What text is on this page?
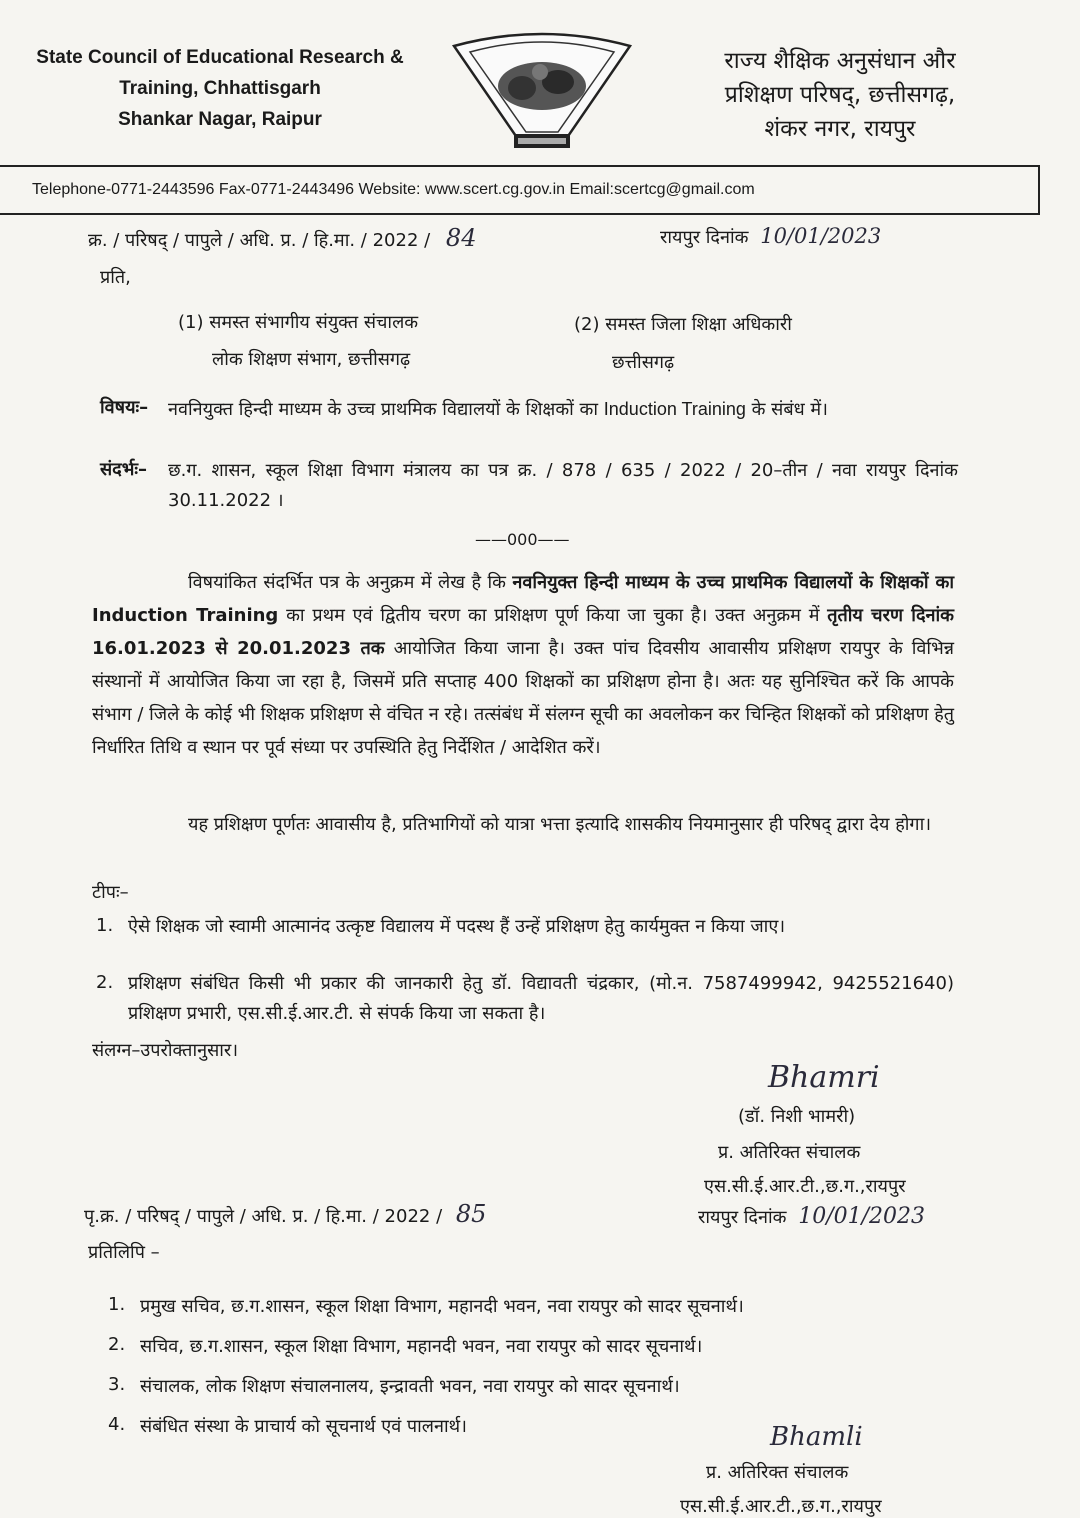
State Council of Educational Research &
Training, Chhattisgarh
Shankar Nagar, Raipur
राज्य शैक्षिक अनुसंधान और
प्रशिक्षण परिषद्, छत्तीसगढ़,
शंकर नगर, रायपुर
Telephone-0771-2443596 Fax-0771-2443496 Website: www.scert.cg.gov.in Email:scertcg@gmail.com
क्र. / परिषद् / पापुले / अधि. प्र. / हि.मा. / 2022 / 84	रायपुर दिनांक 10/01/2023
प्रति,
(1) समस्त संभागीय संयुक्त संचालक
लोक शिक्षण संभाग, छत्तीसगढ़
(2) समस्त जिला शिक्षा अधिकारी
छत्तीसगढ़
विषयः–	नवनियुक्त हिन्दी माध्यम के उच्च प्राथमिक विद्यालयों के शिक्षकों का Induction Training के संबंध में।
संदर्भः–	छ.ग. शासन, स्कूल शिक्षा विभाग मंत्रालय का पत्र क्र. / 878 / 635 / 2022 / 20–तीन / नवा रायपुर दिनांक 30.11.2022 ।
——000——
विषयांकित संदर्भित पत्र के अनुक्रम में लेख है कि नवनियुक्त हिन्दी माध्यम के उच्च प्राथमिक विद्यालयों के शिक्षकों का Induction Training का प्रथम एवं द्वितीय चरण का प्रशिक्षण पूर्ण किया जा चुका है। उक्त अनुक्रम में तृतीय चरण दिनांक 16.01.2023 से 20.01.2023 तक आयोजित किया जाना है। उक्त पांच दिवसीय आवासीय प्रशिक्षण रायपुर के विभिन्न संस्थानों में आयोजित किया जा रहा है, जिसमें प्रति सप्ताह 400 शिक्षकों का प्रशिक्षण होना है। अतः यह सुनिश्चित करें कि आपके संभाग / जिले के कोई भी शिक्षक प्रशिक्षण से वंचित न रहे। तत्संबंध में संलग्न सूची का अवलोकन कर चिन्हित शिक्षकों को प्रशिक्षण हेतु निर्धारित तिथि व स्थान पर पूर्व संध्या पर उपस्थिति हेतु निर्देशित / आदेशित करें।
यह प्रशिक्षण पूर्णतः आवासीय है, प्रतिभागियों को यात्रा भत्ता इत्यादि शासकीय नियमानुसार ही परिषद् द्वारा देय होगा।
टीपः–
1. ऐसे शिक्षक जो स्वामी आत्मानंद उत्कृष्ट विद्यालय में पदस्थ हैं उन्हें प्रशिक्षण हेतु कार्यमुक्त न किया जाए।
2. प्रशिक्षण संबंधित किसी भी प्रकार की जानकारी हेतु डॉ. विद्यावती चंद्रकार, (मो.न. 7587499942, 9425521640) प्रशिक्षण प्रभारी, एस.सी.ई.आर.टी. से संपर्क किया जा सकता है।
संलग्न–उपरोक्तानुसार।
Bhamri
(डॉ. निशी भामरी)
प्र. अतिरिक्त संचालक
एस.सी.ई.आर.टी.,छ.ग.,रायपुर
पृ.क्र. / परिषद् / पापुले / अधि. प्र. / हि.मा. / 2022 / 85	रायपुर दिनांक 10/01/2023
प्रतिलिपि –
1. प्रमुख सचिव, छ.ग.शासन, स्कूल शिक्षा विभाग, महानदी भवन, नवा रायपुर को सादर सूचनार्थ।
2. सचिव, छ.ग.शासन, स्कूल शिक्षा विभाग, महानदी भवन, नवा रायपुर को सादर सूचनार्थ।
3. संचालक, लोक शिक्षण संचालनालय, इन्द्रावती भवन, नवा रायपुर को सादर सूचनार्थ।
4. संबंधित संस्था के प्राचार्य को सूचनार्थ एवं पालनार्थ।	Bhamli
प्र. अतिरिक्त संचालक
एस.सी.ई.आर.टी.,छ.ग.,रायपुर
